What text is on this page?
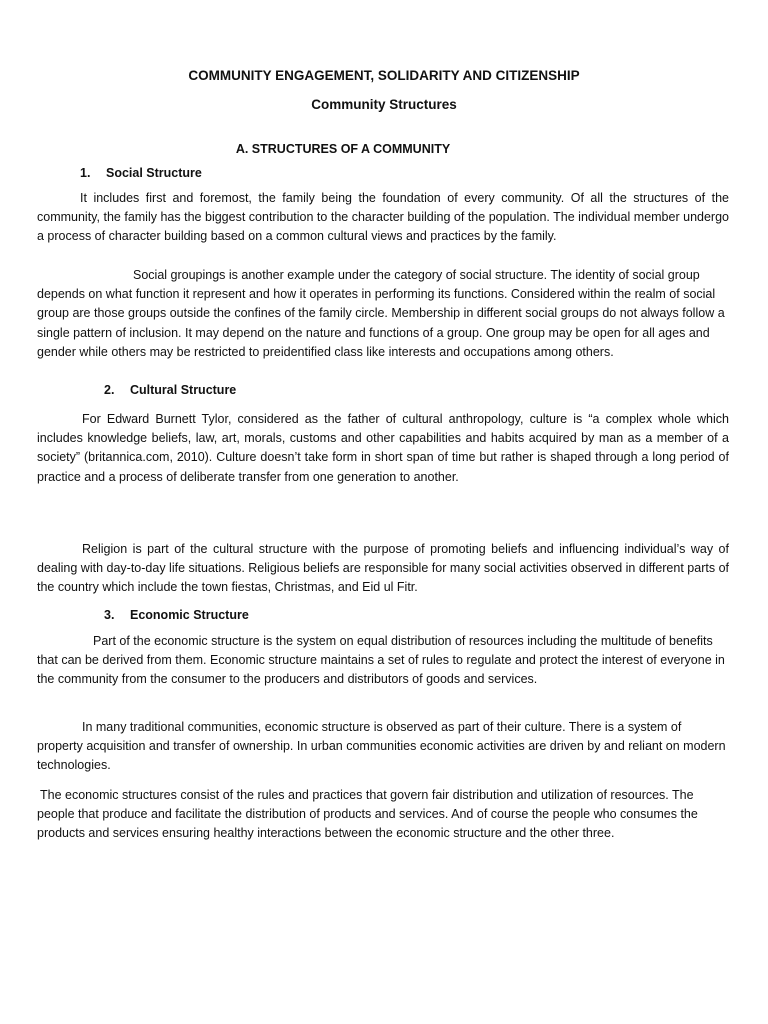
COMMUNITY ENGAGEMENT, SOLIDARITY AND CITIZENSHIP
Community Structures
A. STRUCTURES OF A COMMUNITY
1. Social Structure

It includes first and foremost, the family being the foundation of every community. Of all the structures of the community, the family has the biggest contribution to the character building of the population. The individual member undergo a process of character building based on a common cultural views and practices by the family.

Social groupings is another example under the category of social structure. The identity of social group depends on what function it represent and how it operates in performing its functions. Considered within the realm of social group are those groups outside the confines of the family circle. Membership in different social groups do not always follow a single pattern of inclusion. It may depend on the nature and functions of a group. One group may be open for all ages and gender while others may be restricted to preidentified class like interests and occupations among others.

2. Cultural Structure

For Edward Burnett Tylor, considered as the father of cultural anthropology, culture is “a complex whole which includes knowledge beliefs, law, art, morals, customs and other capabilities and habits acquired by man as a member of a society” (britannica.com, 2010). Culture doesn’t take form in short span of time but rather is shaped through a long period of practice and a process of deliberate transfer from one generation to another.

Religion is part of the cultural structure with the purpose of promoting beliefs and influencing individual’s way of dealing with day-to-day life situations. Religious beliefs are responsible for many social activities observed in different parts of the country which include the town fiestas, Christmas, and Eid ul Fitr.

3. Economic Structure

Part of the economic structure is the system on equal distribution of resources including the multitude of benefits that can be derived from them. Economic structure maintains a set of rules to regulate and protect the interest of everyone in the community from the consumer to the producers and distributors of goods and services.

In many traditional communities, economic structure is observed as part of their culture. There is a system of property acquisition and transfer of ownership. In urban communities economic activities are driven by and reliant on modern technologies.

The economic structures consist of the rules and practices that govern fair distribution and utilization of resources. The people that produce and facilitate the distribution of products and services. And of course the people who consumes the products and services ensuring healthy interactions between the economic structure and the other three.
